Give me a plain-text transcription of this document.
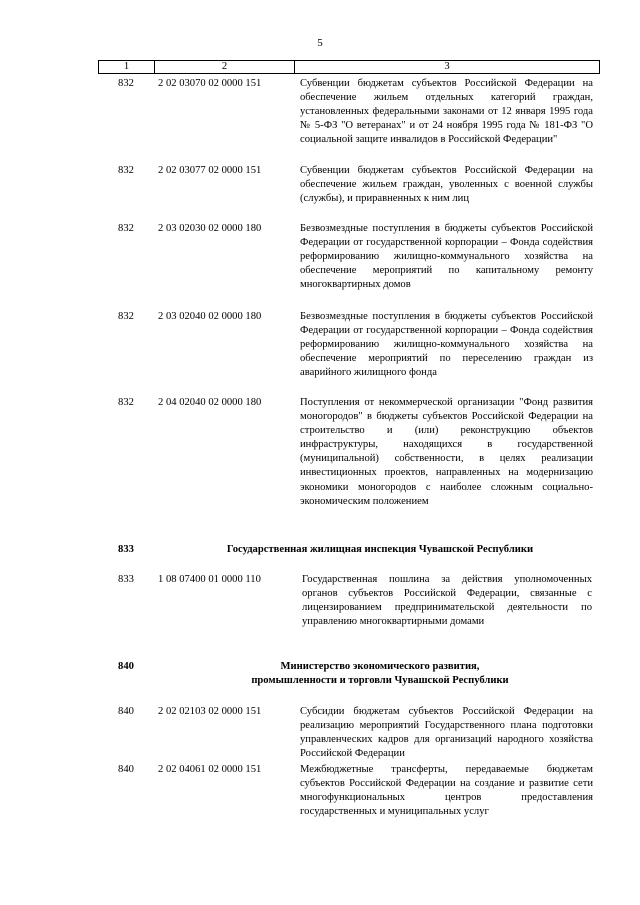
5
1	2	3
832	2 02 03070 02 0000 151	Субвенции бюджетам субъектов Российской Федерации на обеспечение жильем отдельных категорий граждан, установленных федеральными законами от 12 января 1995 года № 5-ФЗ "О ветеранах" и от 24 ноября 1995 года № 181-ФЗ "О социальной защите инвалидов в Российской Федерации"
832	2 02 03077 02 0000 151	Субвенции бюджетам субъектов Российской Федерации на обеспечение жильем граждан, уволенных с военной службы (службы), и приравненных к ним лиц
832	2 03 02030 02 0000 180	Безвозмездные поступления в бюджеты субъектов Российской Федерации от государственной корпорации – Фонда содействия реформированию жилищно-коммунального хозяйства на обеспечение мероприятий по капитальному ремонту многоквартирных домов
832	2 03 02040 02 0000 180	Безвозмездные поступления в бюджеты субъектов Российской Федерации от государственной корпорации – Фонда содействия реформированию жилищно-коммунального хозяйства на обеспечение мероприятий по переселению граждан из аварийного жилищного фонда
832	2 04 02040 02 0000 180	Поступления от некоммерческой организации "Фонд развития моногородов" в бюджеты субъектов Российской Федерации на строительство и (или) реконструкцию объектов инфраструктуры, находящихся в государственной (муниципальной) собственности, в целях реализации инвестиционных проектов, направленных на модернизацию экономики моногородов с наиболее сложным социально-экономическим положением
833	Государственная жилищная инспекция Чувашской Республики
833	1 08 07400 01 0000 110	Государственная пошлина за действия уполномоченных органов субъектов Российской Федерации, связанные с лицензированием предпринимательской деятельности по управлению многоквартирными домами
840	Министерство экономического развития,
промышленности и торговли Чувашской Республики
840	2 02 02103 02 0000 151	Субсидии бюджетам субъектов Российской Федерации на реализацию мероприятий Государственного плана подготовки управленческих кадров для организаций народного хозяйства Российской Федерации
840	2 02 04061 02 0000 151	Межбюджетные трансферты, передаваемые бюджетам субъектов Российской Федерации на создание и развитие сети многофункциональных центров предоставления государственных и муниципальных услуг
